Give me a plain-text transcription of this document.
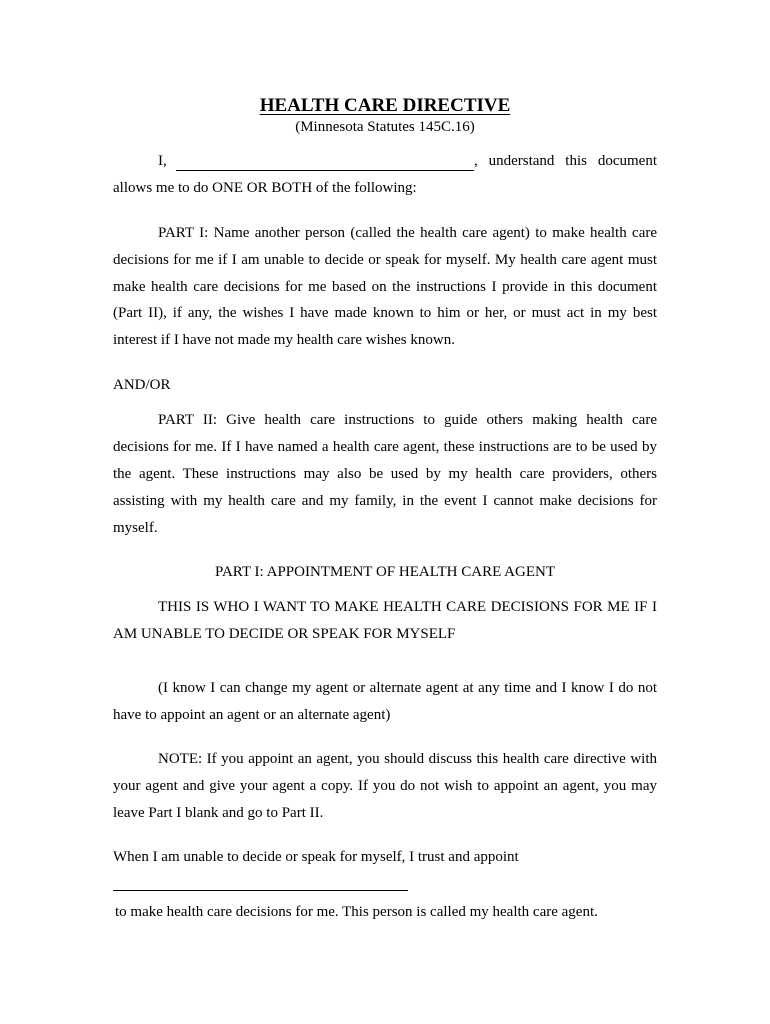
HEALTH CARE DIRECTIVE
(Minnesota Statutes 145C.16)
I,	, understand this document
allows me to do ONE OR BOTH of the following:
PART I: Name another person (called the health care agent) to make health care
decisions for me if I am unable to decide or speak for myself. My health care agent must
make health care decisions for me based on the instructions I provide in this document
(Part II), if any, the wishes I have made known to him or her, or must act in my best
interest if I have not made my health care wishes known.
AND/OR
PART II: Give health care instructions to guide others making health care
decisions for me. If I have named a health care agent, these instructions are to be used by
the agent. These instructions may also be used by my health care providers, others
assisting with my health care and my family, in the event I cannot make decisions for
myself.
PART I: APPOINTMENT OF HEALTH CARE AGENT
THIS IS WHO I WANT TO MAKE HEALTH CARE DECISIONS FOR ME IF I
AM UNABLE TO DECIDE OR SPEAK FOR MYSELF
(I know I can change my agent or alternate agent at any time and I know I do not
have to appoint an agent or an alternate agent)
NOTE: If you appoint an agent, you should discuss this health care directive with
your agent and give your agent a copy. If you do not wish to appoint an agent, you may
leave Part I blank and go to Part II.
When I am unable to decide or speak for myself, I trust and appoint
to make health care decisions for me. This person is called my health care agent.
